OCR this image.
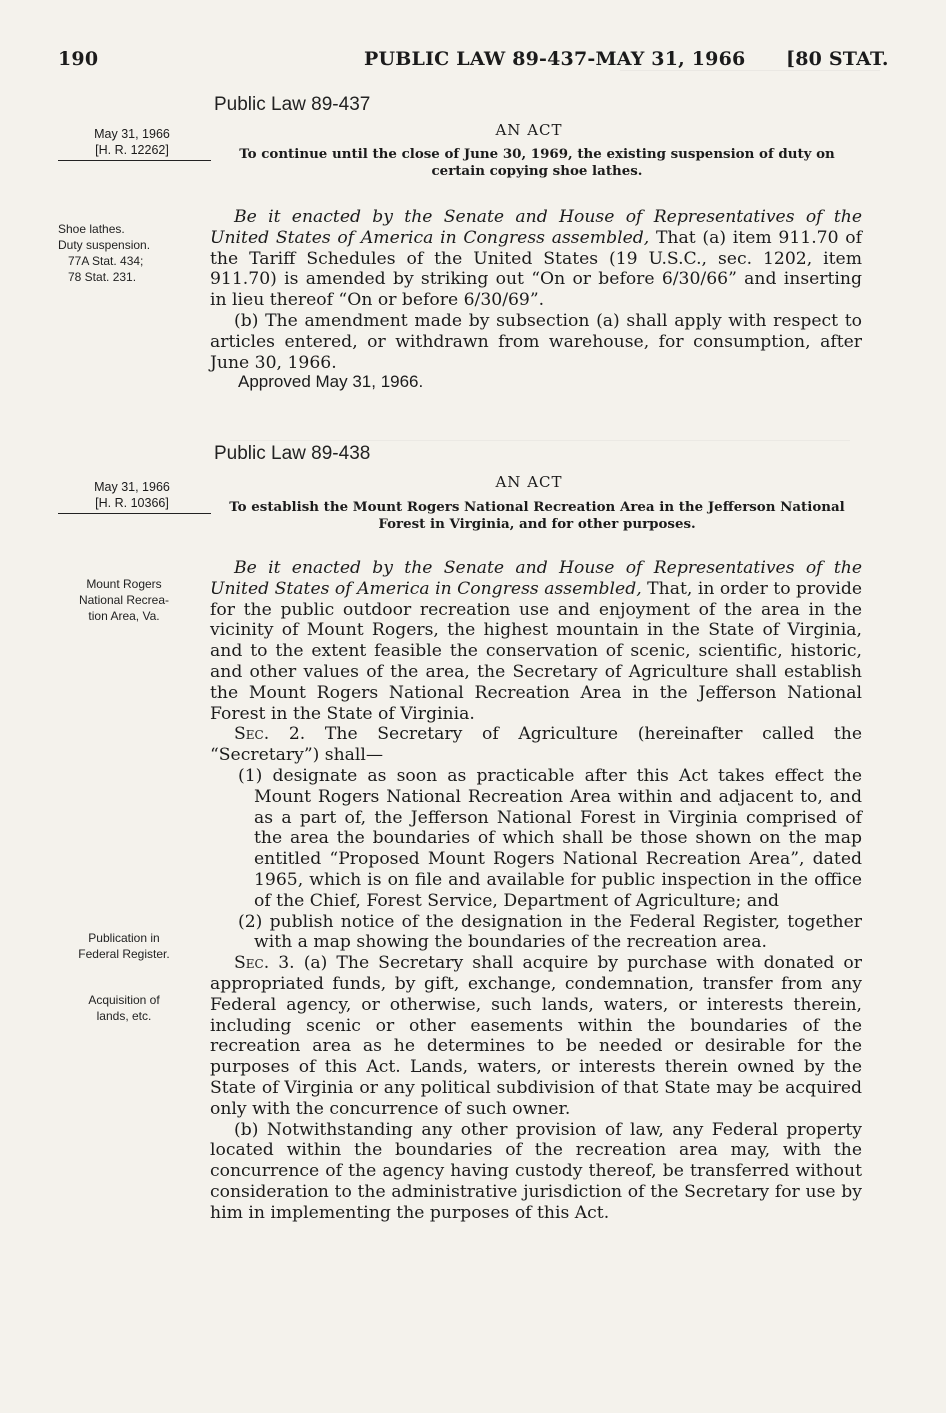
190	PUBLIC LAW 89-437-MAY 31, 1966 [80 STAT.
Public Law 89-437
May 31, 1966
[H. R. 12262]
AN ACT
To continue until the close of June 30, 1969, the existing suspension of duty on certain copying shoe lathes.
Shoe lathes.
Duty suspension.
77A Stat. 434;
78 Stat. 231.

Be it enacted by the Senate and House of Representatives of the United States of America in Congress assembled, That (a) item 911.70 of the Tariff Schedules of the United States (19 U.S.C., sec. 1202, item 911.70) is amended by striking out “On or before 6/30/66” and inserting in lieu thereof “On or before 6/30/69”.

(b) The amendment made by subsection (a) shall apply with respect to articles entered, or withdrawn from warehouse, for consumption, after June 30, 1966.

Approved May 31, 1966.
Public Law 89-438
May 31, 1966
[H. R. 10366]
AN ACT
To establish the Mount Rogers National Recreation Area in the Jefferson National Forest in Virginia, and for other purposes.
Mount Rogers
National Recrea-
tion Area, Va.
Publication in
Federal Register.
Acquisition of
lands, etc.

Be it enacted by the Senate and House of Representatives of the United States of America in Congress assembled, That, in order to provide for the public outdoor recreation use and enjoyment of the area in the vicinity of Mount Rogers, the highest mountain in the State of Virginia, and to the extent feasible the conservation of scenic, scientific, historic, and other values of the area, the Secretary of Agriculture shall establish the Mount Rogers National Recreation Area in the Jefferson National Forest in the State of Virginia.

Sec. 2. The Secretary of Agriculture (hereinafter called the “Secretary”) shall—

(1) designate as soon as practicable after this Act takes effect the Mount Rogers National Recreation Area within and adjacent to, and as a part of, the Jefferson National Forest in Virginia comprised of the area the boundaries of which shall be those shown on the map entitled “Proposed Mount Rogers National Recreation Area”, dated 1965, which is on file and available for public inspection in the office of the Chief, Forest Service, Department of Agriculture; and

(2) publish notice of the designation in the Federal Register, together with a map showing the boundaries of the recreation area.

Sec. 3. (a) The Secretary shall acquire by purchase with donated or appropriated funds, by gift, exchange, condemnation, transfer from any Federal agency, or otherwise, such lands, waters, or interests therein, including scenic or other easements within the boundaries of the recreation area as he determines to be needed or desirable for the purposes of this Act. Lands, waters, or interests therein owned by the State of Virginia or any political subdivision of that State may be acquired only with the concurrence of such owner.

(b) Notwithstanding any other provision of law, any Federal property located within the boundaries of the recreation area may, with the concurrence of the agency having custody thereof, be transferred without consideration to the administrative jurisdiction of the Secretary for use by him in implementing the purposes of this Act.
